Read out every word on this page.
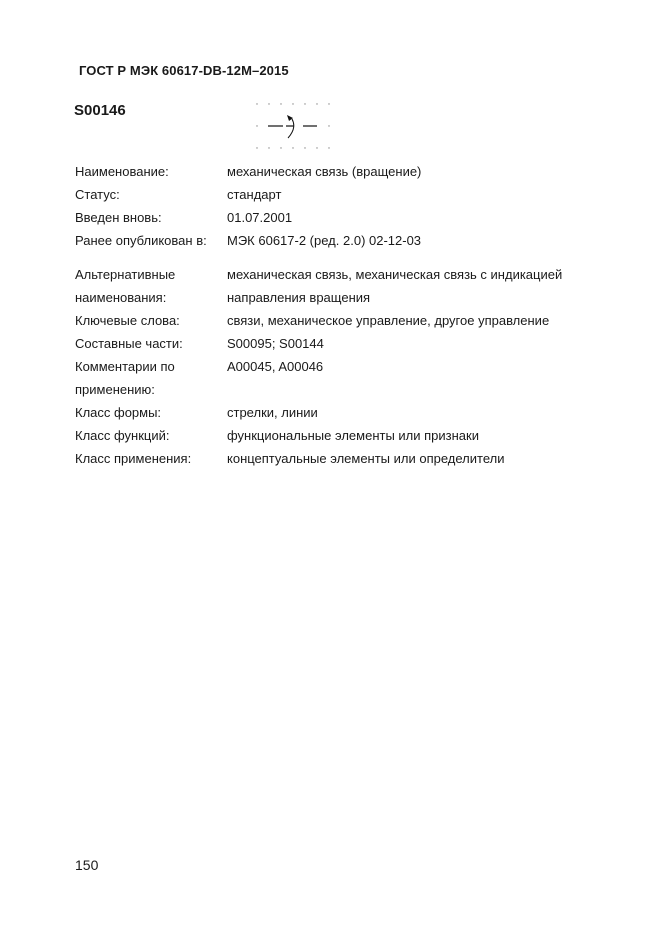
ГОСТ Р МЭК 60617-DB-12M–2015
S00146
Наименование:	механическая связь (вращение)
Статус:	стандарт
Введен вновь:	01.07.2001
Ранее опубликован в: МЭК 60617-2 (ред. 2.0) 02-12-03
Альтернативные	механическая связь, механическая связь с индикацией
наименования:	направления вращения
Ключевые слова:	связи, механическое управление, другое управление
Составные части:	S00095; S00144
Комментарии по	A00045, A00046
применению:
Класс формы:	стрелки, линии
Класс функций:	функциональные элементы или признаки
Класс применения:	концептуальные элементы или определители
150
